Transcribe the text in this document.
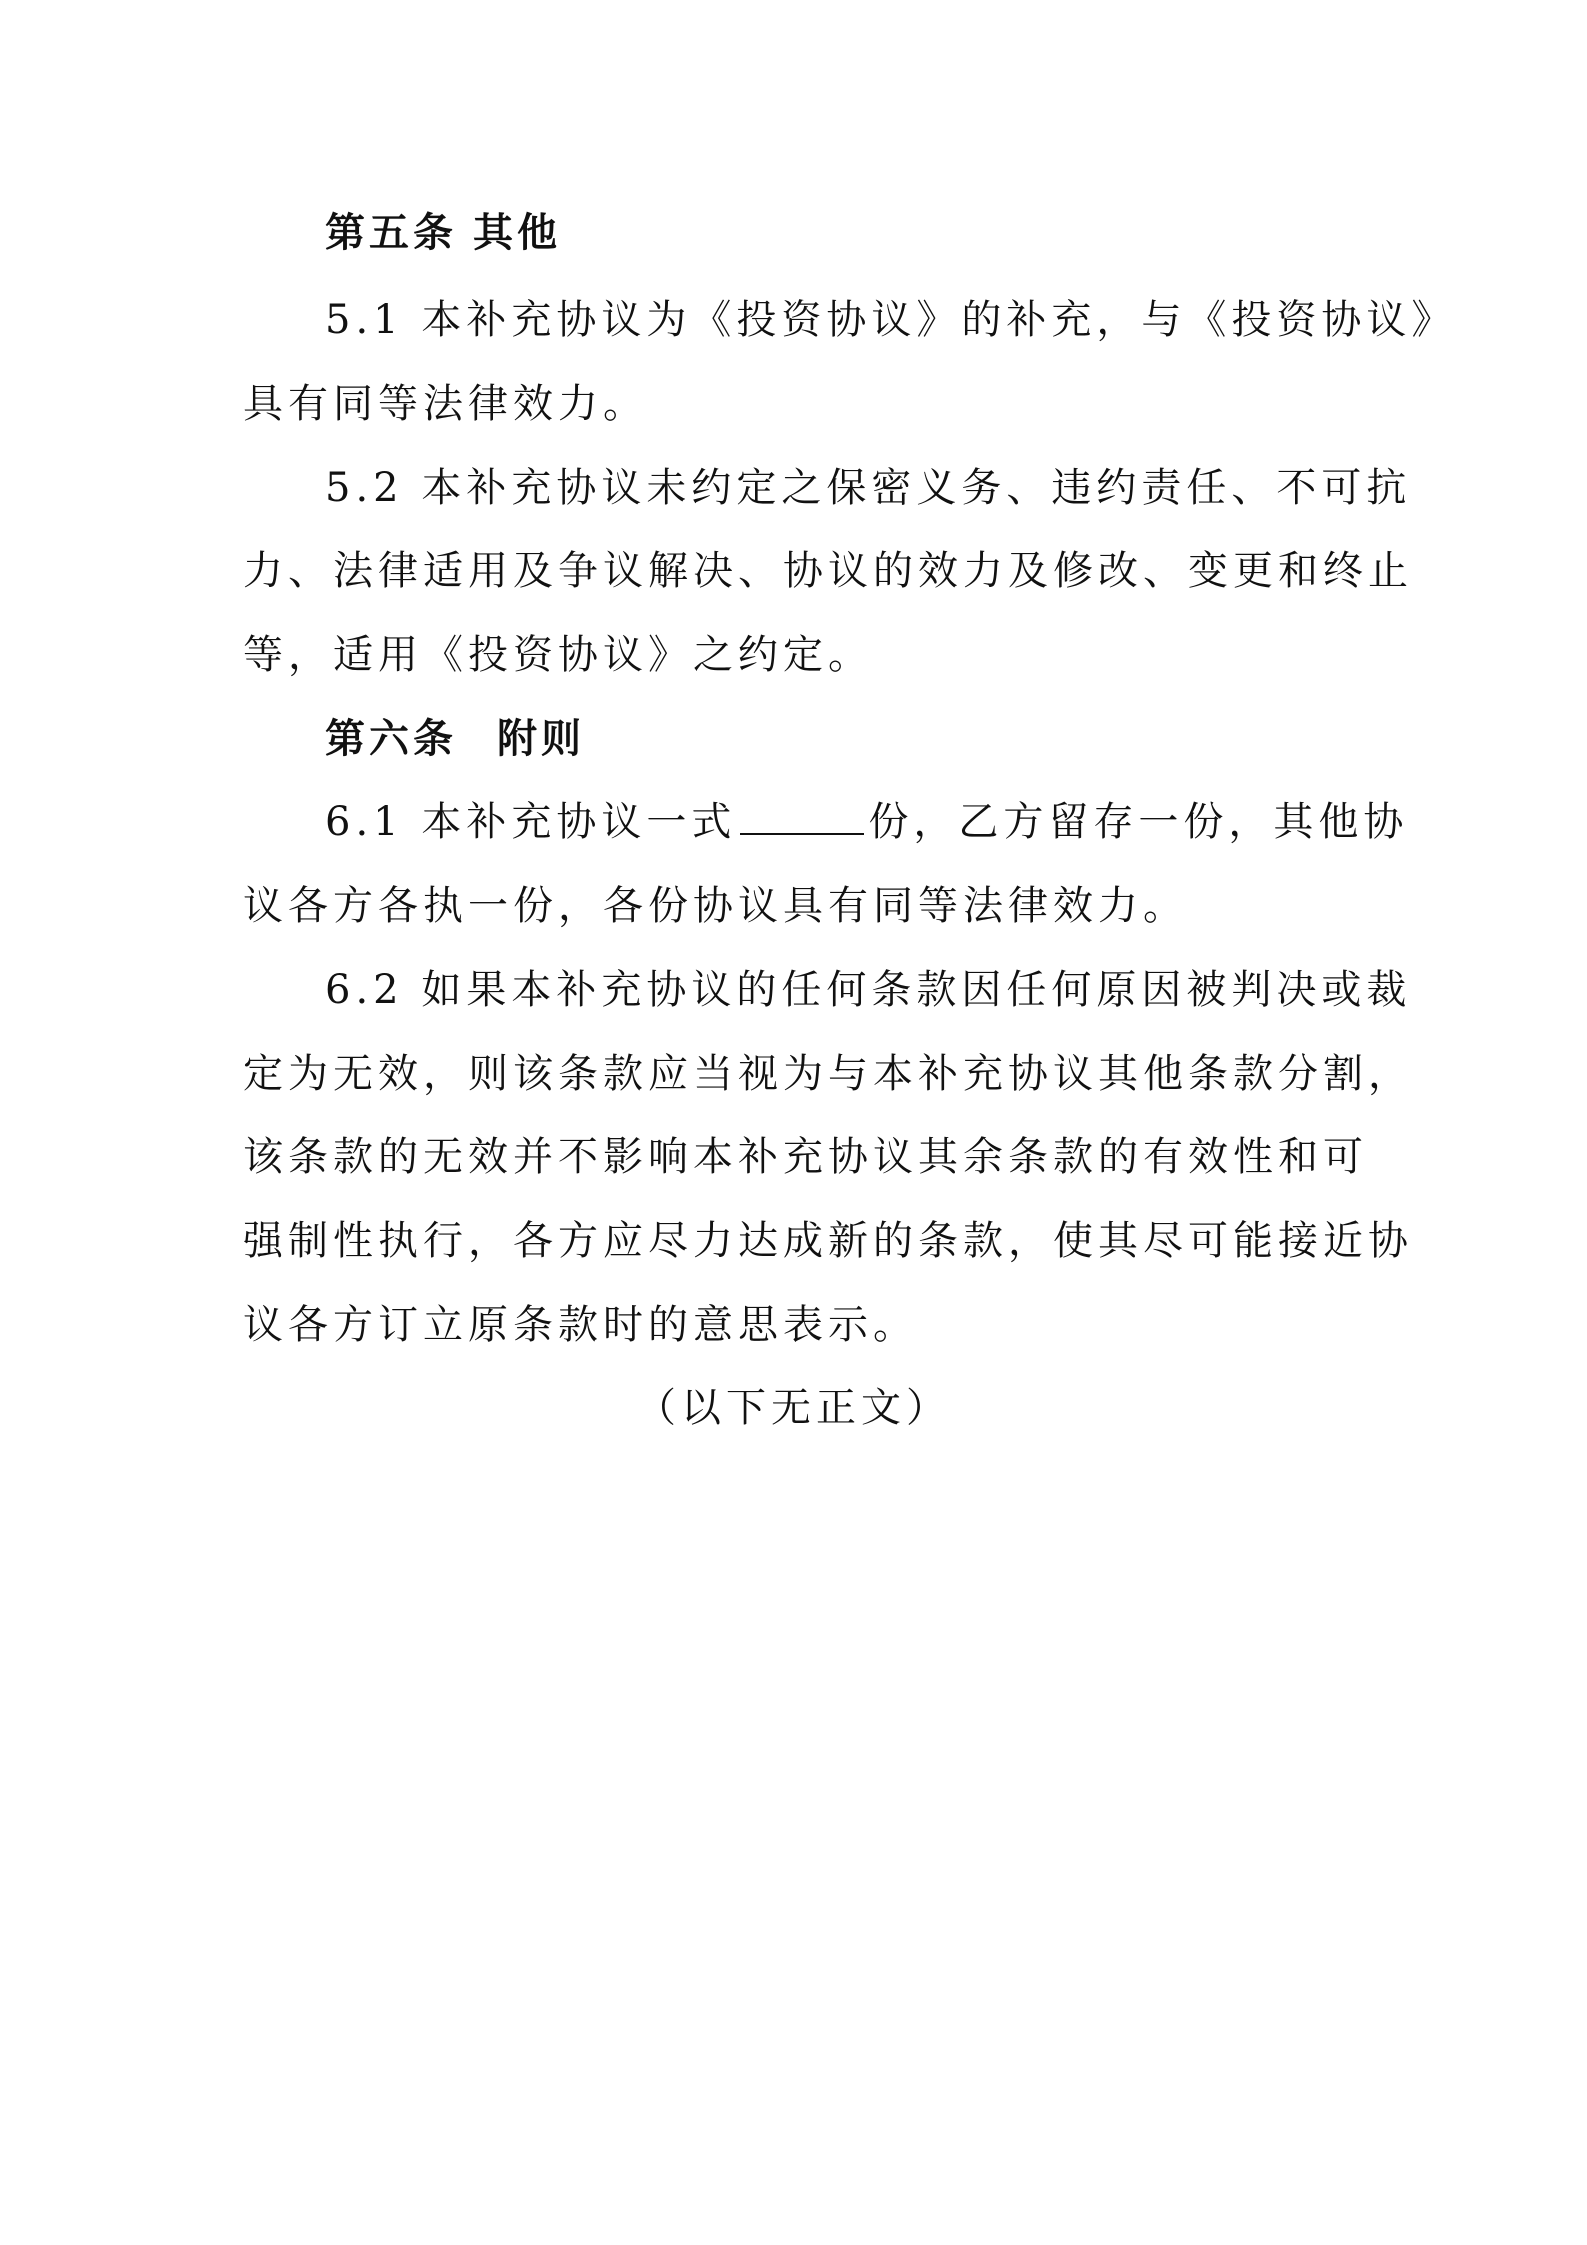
第五条 其他
5.1 本补充协议为《投资协议》的补充，与《投资协议》
具有同等法律效力。
5.2 本补充协议未约定之保密义务、违约责任、不可抗
力、法律适用及争议解决、协议的效力及修改、变更和终止
等，适用《投资协议》之约定。
第六条 附则
6.1 本补充协议一式	份，乙方留存一份，其他协
议各方各执一份，各份协议具有同等法律效力。
6.2 如果本补充协议的任何条款因任何原因被判决或裁
定为无效，则该条款应当视为与本补充协议其他条款分割，
该条款的无效并不影响本补充协议其余条款的有效性和可
强制性执行，各方应尽力达成新的条款，使其尽可能接近协
议各方订立原条款时的意思表示。
（以下无正文）
